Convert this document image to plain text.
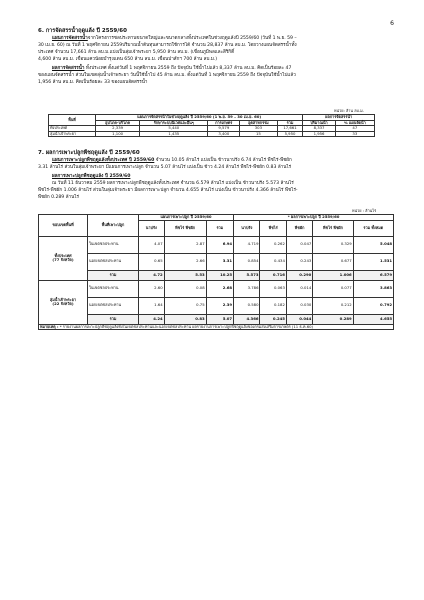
6
6. การจัดสรรน้ำฤดูแล้ง ปี 2559/60
แผนการจัดสรรน้ำจากโครงการชลประทานขนาดใหญ่และขนาดกลางทั้งประเทศในช่วงฤดูแล้งปี 2559/60 (วันที่ 1 พ.ย. 59 –
30 เม.ย. 60) ณ วันที่ 1 พฤศจิกายน 2559ปริมาณน้ำต้นทุนสามารถใช้การได้ จำนวน 28,837 ล้าน ลบ.ม. โดยวางแผนจัดสรรน้ำทั้ง
ประเทศ จำนวน 17,661 ล้าน ลบ.ม.แบ่งเป็นลุ่มเจ้าพระยา 5,950 ล้าน ลบ.ม. (เขื่อนภูมิพลและสิริกิติ์
4,600 ล้าน ลบ.ม. เขื่อนแควน้อยบำรุงแดน 650 ล้าน ลบ.ม. เขื่อนป่าสักฯ 700 ล้าน ลบ.ม.)
ผลการจัดสรรน้ำ ทั้งประเทศ ตั้งแต่วันที่ 1 พฤศจิกายน 2559 ถึง ปัจจุบัน ใช้น้ำไปแล้ว 8,337 ล้าน ลบ.ม. คิดเป็นร้อยละ 47
ของแผนจัดสรรน้ำ ส่วนในเขตลุ่มน้ำเจ้าพระยา วันนี้ใช้น้ำไป 45 ล้าน ลบ.ม. ตั้งแต่วันที่ 1 พฤศจิกายน 2559 ถึง ปัจจุบันใช้น้ำไปแล้ว
1,956 ล้าน ลบ.ม. คิดเป็นร้อยละ 33 ของแผนจัดสรรน้ำ
หน่วย: ล้าน ลบ.ม.
พื้นที่	แผนการจัดสรรน้ำในช่วงฤดูแล้ง ปี 2559/60 (1 พ.ย. 59 – 30 เม.ย. 60)					ผลการจัดสรรน้ำ	
	อุปโภค-บริโภค	รักษาระบบนิเวศและอื่นๆ	การเกษตร	อุตสาหกรรม	รวม	ปริมาณน้ำ	% แผนจัดน้ำ
ทั้งประเทศ	2,339	5,440	9,579	303	17,661	8,337	47
ลุ่มน้ำเจ้าพระยา	1,100	1,435	3,400	15	5,950	1,956	33
7. ผลการเพาะปลูกพืชฤดูแล้ง ปี 2559/60
แผนการเพาะปลูกพืชฤดูแล้งทั้งประเทศ ปี 2559/60 จำนวน 10.05 ล้านไร่ แบ่งเป็น ข้าวนาปรัง 6.74 ล้านไร่ พืชไร่-พืชผัก
3.31 ล้านไร่ ส่วนในลุ่มเจ้าพระยา มีแผนการเพาะปลูก จำนวน 5.07 ล้านไร่ แบ่งเป็น ข้าว 4.24 ล้านไร่ พืชไร่-พืชผัก 0.83 ล้านไร่
ผลการเพาะปลูกพืชฤดูแล้ง ปี 2559/60
ณ วันที่ 11 ธันวาคม 2559 ผลการเพาะปลูกพืชฤดูแล้งทั้งประเทศ จำนวน 6.579 ล้านไร่ แบ่งเป็น ข้าวนาปรัง 5.573 ล้านไร่
พืชไร่-พืชผัก 1.006 ล้านไร่ ส่วนในลุ่มเจ้าพระยา มีผลการเพาะปลูก จำนวน 4.655 ล้านไร่ แบ่งเป็น ข้าวนาปรัง 4.366 ล้านไร่ พืชไร่-
พืชผัก 0.289 ล้านไร่
หน่วย : ล้านไร่
ขอบเขตพื้นที่	พื้นที่เพาะปลูก	แผนการเพาะปลูก ปี 2559/60			* ผลการเพาะปลูก ปี 2559/60				
		นาปรัง	พืชไร่ พืชผัก	รวม	นาปรัง	พืชไร่	พืชผัก	พืชไร่ พืชผัก	รวม ทั้งหมด

ทั้งประเทศ
(77 จังหวัด)	ในเขตชลประทาน	4.07	2.87	6.94	4.719	0.262	0.047	0.329	5.048
	นอกเขตชลประทาน	0.65	2.66	3.31	0.854	0.434	0.243	0.677	1.531
	รวม	4.72	5.53	10.25	5.573	0.716	0.290	1.006	6.579

ลุ่มน้ำเจ้าพระยา
(22 จังหวัด)	ในเขตชลประทาน	2.60	0.08	2.68	3.786	0.063	0.014	0.077	3.863
	นอกเขตชลประทาน	1.64	0.75	2.39	0.580	0.182	0.030	0.212	0.792
	รวม	4.24	0.83	5.07	4.366	0.245	0.044	0.289	4.655
หมายเหตุ : * รายงานผลการเพาะปลูกพืชฤดูแล้งทั้งในเขตชลประทานและนอกเขตชลประทาน ผลรายงานการเพาะปลูกพืชฤดูแล้งของกรมส่งเสริมการเกษตร (11 ธ.ค.60)									
